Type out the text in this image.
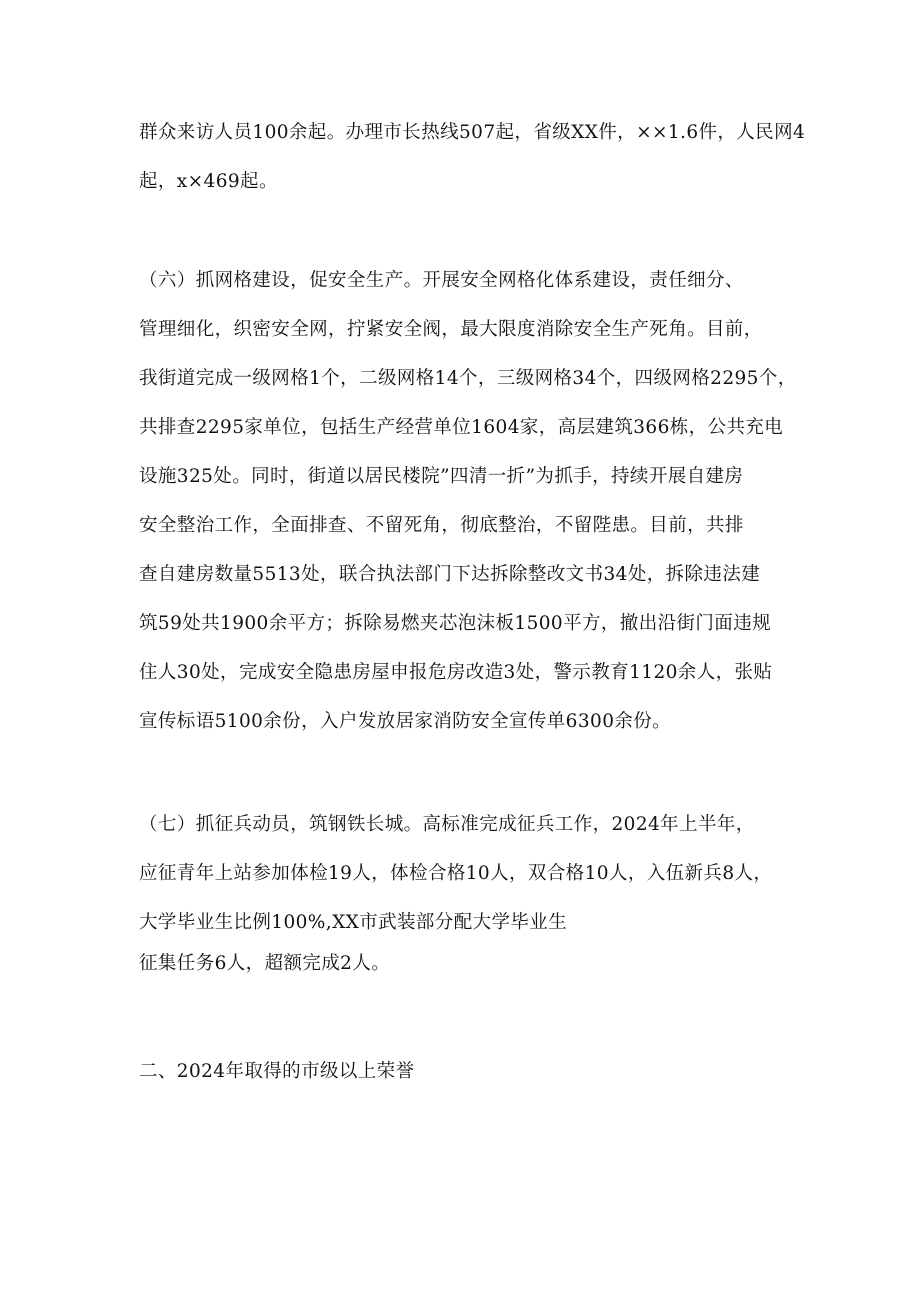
群众来访人员100余起。办理市长热线507起，省级XX件，××1.6件，人民网4
起，x×469起。

（六）抓网格建设，促安全生产。开展安全网格化体系建设，责任细分、
管理细化，织密安全网，拧紧安全阀，最大限度消除安全生产死角。目前，
我街道完成一级网格1个，二级网格14个，三级网格34个，四级网格2295个，
共排查2295家单位，包括生产经营单位1604家，高层建筑366栋，公共充电
设施325处。同时，街道以居民楼院”四清一折”为抓手，持续开展自建房
安全整治工作，全面排查、不留死角，彻底整治，不留陛患。目前，共排
查自建房数量5513处，联合执法部门下达拆除整改文书34处，拆除违法建
筑59处共1900余平方；拆除易燃夹芯泡沫板1500平方，撤出沿街门面违规
住人30处，完成安全隐患房屋申报危房改造3处，警示教育1120余人，张贴
宣传标语5100余份，入户发放居家消防安全宣传单6300余份。

（七）抓征兵动员，筑钢铁长城。高标准完成征兵工作，2024年上半年，
应征青年上站参加体检19人，体检合格10人，双合格10人，入伍新兵8人，
大学毕业生比例100%,XX市武装部分配大学毕业生

征集任务6人，超额完成2人。

二、2024年取得的市级以上荣誉
